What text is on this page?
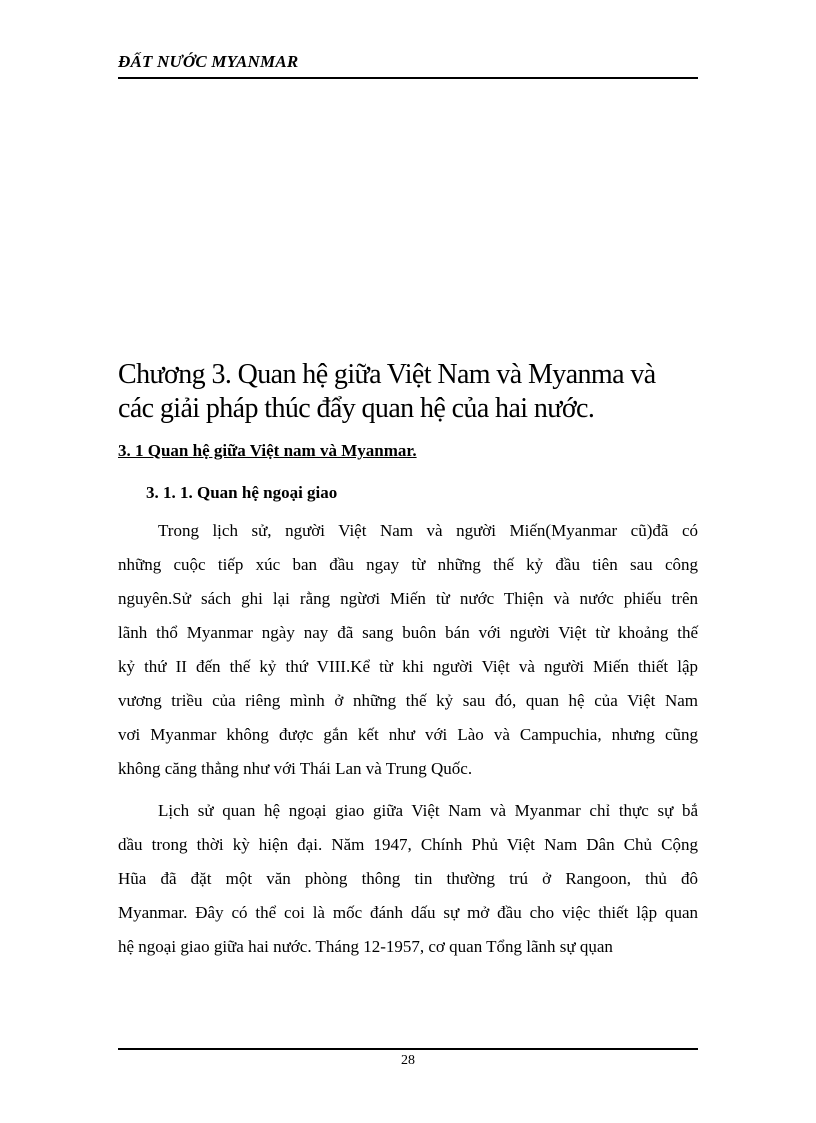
ĐẤT NƯỚC MYANMAR
Chương 3. Quan hệ giữa Việt Nam và Myanma và
các giải pháp thúc đẩy quan hệ của hai nước.
3. 1 Quan hệ giữa Việt nam và Myanmar.
3. 1. 1. Quan hệ ngoại giao
Trong lịch sử, người Việt Nam và người Miến(Myanmar cũ)đã có
những cuộc tiếp xúc ban đầu ngay từ những thế kỷ đầu tiên sau công
nguyên.Sử sách ghi lại rằng ngừơi Miến từ nước Thiện và nước phiếu trên
lãnh thổ Myanmar ngày nay đã sang buôn bán với người Việt từ khoảng thế
kỷ thứ II đến thế kỷ thứ VIII.Kể từ khi người Việt và người Miến thiết lập
vương triều của riêng mình ở những thế kỷ sau đó, quan hệ của Việt Nam
vơi Myanmar không được gắn kết như với Lào và Campuchia, nhưng cũng
không căng thẳng như với Thái Lan và Trung Quốc.
Lịch sử quan hệ ngoại giao giữa Việt Nam và Myanmar chỉ thực sự bắ
dầu trong thời kỳ hiện đại. Năm 1947, Chính Phủ Việt Nam Dân Chủ Cộng
Hũa đã đặt một văn phòng thông tin thường trú ở Rangoon, thủ đô
Myanmar. Đây có thể coi là mốc đánh dấu sự mở đầu cho việc thiết lập quan
hệ ngoại giao giữa hai nước. Tháng 12-1957, cơ quan Tổng lãnh sự qụan
28
